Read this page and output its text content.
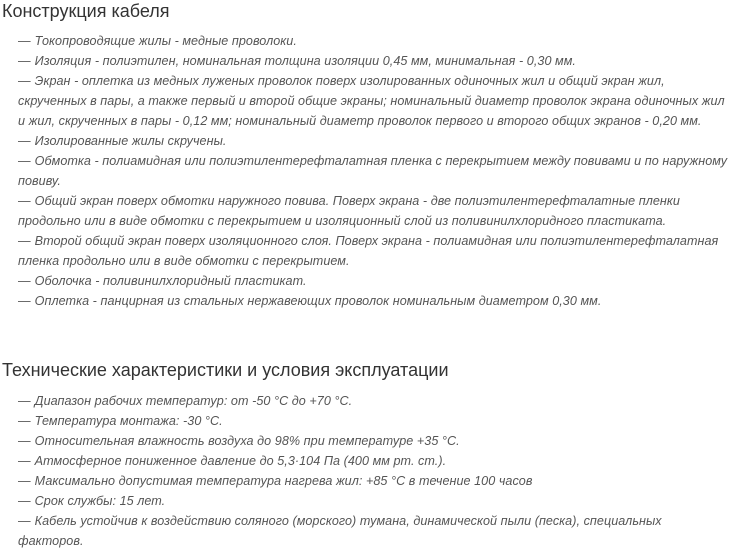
Конструкция кабеля
— Токопроводящие жилы - медные проволоки.
— Изоляция - полиэтилен, номинальная толщина изоляции 0,45 мм, минимальная - 0,30 мм.
— Экран - оплетка из медных луженых проволок поверх изолированных одиночных жил и общий экран жил, скрученных в пары, а также первый и второй общие экраны; номинальный диаметр проволок экрана одиночных жил и жил, скрученных в пары - 0,12 мм; номинальный диаметр проволок первого и второго общих экранов - 0,20 мм.
— Изолированные жилы скручены.
— Обмотка - полиамидная или полиэтилентерефталатная пленка с перекрытием между повивами и по наружному повиву.
— Общий экран поверх обмотки наружного повива. Поверх экрана - две полиэтилентерефталатные пленки продольно или в виде обмотки с перекрытием и изоляционный слой из поливинилхлоридного пластиката.
— Второй общий экран поверх изоляционного слоя. Поверх экрана - полиамидная или полиэтилентерефталатная пленка продольно или в виде обмотки с перекрытием.
— Оболочка - поливинилхлоридный пластикат.
— Оплетка - панцирная из стальных нержавеющих проволок номинальным диаметром 0,30 мм.
Технические характеристики и условия эксплуатации
— Диапазон рабочих температур: от -50 °С до +70 °С.
— Температура монтажа: -30 °С.
— Относительная влажность воздуха до 98% при температуре +35 °С.
— Атмосферное пониженное давление до 5,3·104 Па (400 мм рт. ст.).
— Максимально допустимая температура нагрева жил: +85 °С в течение 100 часов
— Срок службы: 15 лет.
— Кабель устойчив к воздействию соляного (морского) тумана, динамической пыли (песка), специальных факторов.
